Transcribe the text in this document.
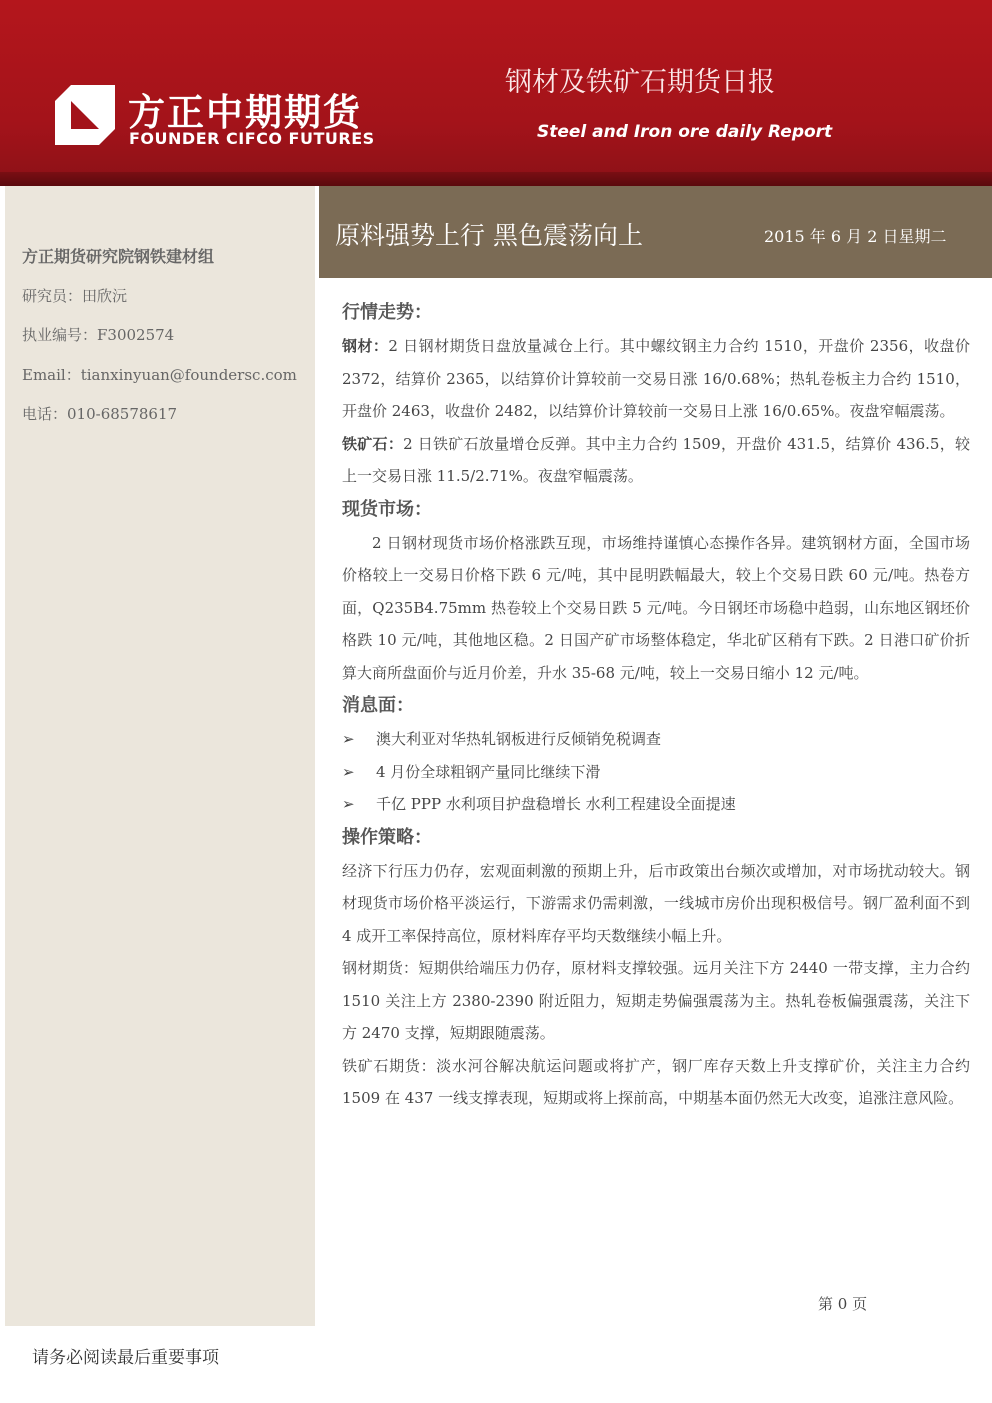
方正中期期货
FOUNDER CIFCO FUTURES
钢材及铁矿石期货日报
Steel and Iron ore daily Report
方正期货研究院钢铁建材组
研究员：田欣沅
执业编号：F3002574
Email：tianxinyuan@foundersc.com
电话：010-68578617
原料强势上行 黑色震荡向上	2015 年 6 月 2 日星期二

行情走势：

钢材：2 日钢材期货日盘放量减仓上行。其中螺纹钢主力合约 1510，开盘价 2356，收盘价 2372，结算价 2365，以结算价计算较前一交易日涨 16/0.68%；热轧卷板主力合约 1510，开盘价 2463，收盘价 2482，以结算价计算较前一交易日上涨 16/0.65%。夜盘窄幅震荡。

铁矿石：2 日铁矿石放量增仓反弹。其中主力合约 1509，开盘价 431.5，结算价 436.5，较上一交易日涨 11.5/2.71%。夜盘窄幅震荡。

现货市场：

2 日钢材现货市场价格涨跌互现，市场维持谨慎心态操作各异。建筑钢材方面，全国市场价格较上一交易日价格下跌 6 元/吨，其中昆明跌幅最大，较上个交易日跌 60 元/吨。热卷方面，Q235B4.75mm 热卷较上个交易日跌 5 元/吨。今日钢坯市场稳中趋弱，山东地区钢坯价格跌 10 元/吨，其他地区稳。2 日国产矿市场整体稳定，华北矿区稍有下跌。2 日港口矿价折算大商所盘面价与近月价差，升水 35-68 元/吨，较上一交易日缩小 12 元/吨。

消息面：

➢	澳大利亚对华热轧钢板进行反倾销免税调查
➢	4 月份全球粗钢产量同比继续下滑
➢	千亿 PPP 水利项目护盘稳增长 水利工程建设全面提速

操作策略：

经济下行压力仍存，宏观面刺激的预期上升，后市政策出台频次或增加，对市场扰动较大。钢材现货市场价格平淡运行，下游需求仍需刺激，一线城市房价出现积极信号。钢厂盈利面不到 4 成开工率保持高位，原材料库存平均天数继续小幅上升。

钢材期货：短期供给端压力仍存，原材料支撑较强。远月关注下方 2440 一带支撑，主力合约 1510 关注上方 2380-2390 附近阻力，短期走势偏强震荡为主。热轧卷板偏强震荡，关注下方 2470 支撑，短期跟随震荡。

铁矿石期货：淡水河谷解决航运问题或将扩产，钢厂库存天数上升支撑矿价，关注主力合约 1509 在 437 一线支撑表现，短期或将上探前高，中期基本面仍然无大改变，追涨注意风险。

第 0 页
请务必阅读最后重要事项
